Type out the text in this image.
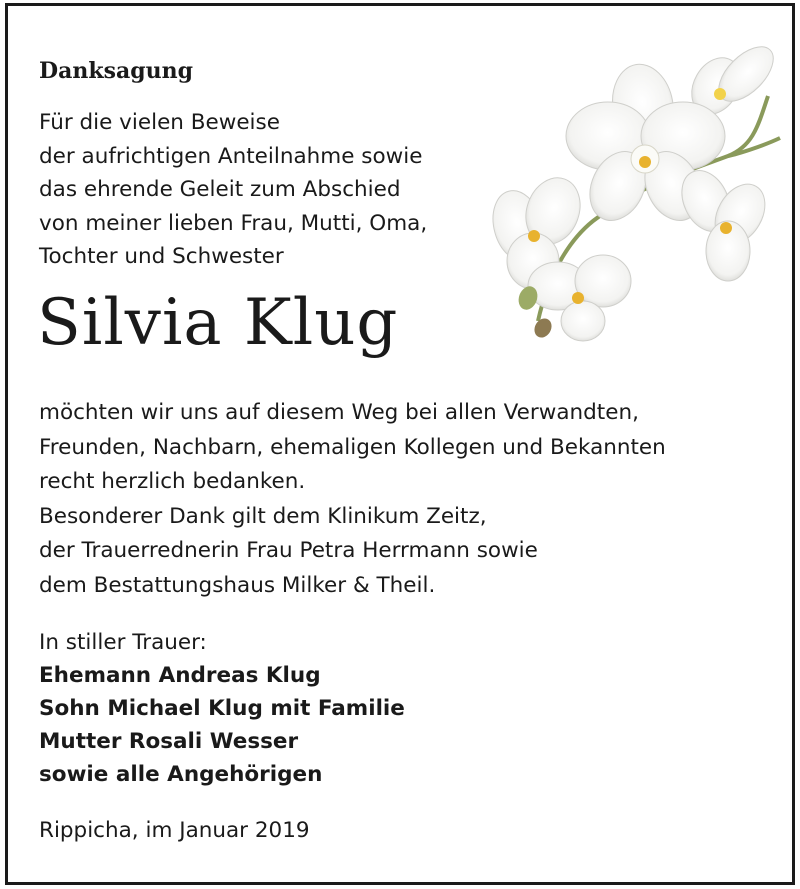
Danksagung
Für die vielen Beweise
der aufrichtigen Anteilnahme sowie
das ehrende Geleit zum Abschied
von meiner lieben Frau, Mutti, Oma,
Tochter und Schwester
Silvia Klug
möchten wir uns auf diesem Weg bei allen Verwandten,
Freunden, Nachbarn, ehemaligen Kollegen und Bekannten
recht herzlich bedanken.
Besonderer Dank gilt dem Klinikum Zeitz,
der Trauerrednerin Frau Petra Herrmann sowie
dem Bestattungshaus Milker & Theil.
In stiller Trauer:
Ehemann Andreas Klug
Sohn Michael Klug mit Familie
Mutter Rosali Wesser
sowie alle Angehörigen
Rippicha, im Januar 2019
